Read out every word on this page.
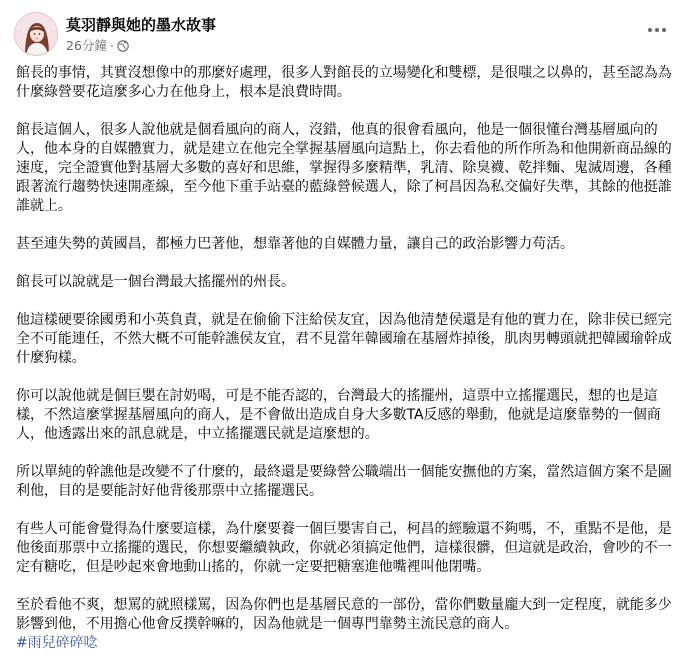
莫羽靜與她的墨水故事
26分鐘 ·

館長的事情，其實沒想像中的那麼好處理，很多人對館長的立場變化和雙標，是很嗤之以鼻的，甚至認為為什麼綠營要花這麼多心力在他身上，根本是浪費時間。

館長這個人，很多人說他就是個看風向的商人，沒錯，他真的很會看風向，他是一個很懂台灣基層風向的人，他本身的自媒體實力，就是建立在他完全掌握基層風向這點上，你去看他的所作所為和他開新商品線的速度，完全證實他對基層大多數的喜好和思維，掌握得多麼精準，乳清、除臭襪、乾拌麵、鬼滅周邊，各種跟著流行趨勢快速開產線，至今他下重手站臺的藍綠營候選人，除了柯昌因為私交偏好失準，其餘的他挺誰誰就上。

甚至連失勢的黃國昌，都極力巴著他，想靠著他的自媒體力量，讓自己的政治影響力苟活。

館長可以說就是一個台灣最大搖擺州的州長。

他這樣硬要徐國勇和小英負責，就是在偷偷下注給侯友宜，因為他清楚侯還是有他的實力在，除非侯已經完全不可能連任，不然大概不可能幹譙侯友宜，君不見當年韓國瑜在基層炸掉後，肌肉男轉頭就把韓國瑜幹成什麼狗樣。

你可以說他就是個巨嬰在討奶喝，可是不能否認的，台灣最大的搖擺州，這票中立搖擺選民，想的也是這樣，不然這麼掌握基層風向的商人，是不會做出造成自身大多數TA反感的舉動，他就是這麼靠勢的一個商人，他透露出來的訊息就是，中立搖擺選民就是這麼想的。

所以單純的幹譙他是改變不了什麼的，最終還是要綠營公職端出一個能安撫他的方案，當然這個方案不是圖利他，目的是要能討好他背後那票中立搖擺選民。

有些人可能會覺得為什麼要這樣，為什麼要養一個巨嬰害自己，柯昌的經驗還不夠嗎，不，重點不是他，是他後面那票中立搖擺的選民，你想要繼續執政，你就必須搞定他們，這樣很髒，但這就是政治，會吵的不一定有糖吃，但是吵起來會地動山搖的，你就一定要把糖塞進他嘴裡叫他閉嘴。

至於看他不爽，想罵的就照樣罵，因為你們也是基層民意的一部份，當你們數量龐大到一定程度，就能多少影響到他，不用擔心他會反撲幹嘛的，因為他就是一個專門靠勢主流民意的商人。

#雨兒碎碎唸
